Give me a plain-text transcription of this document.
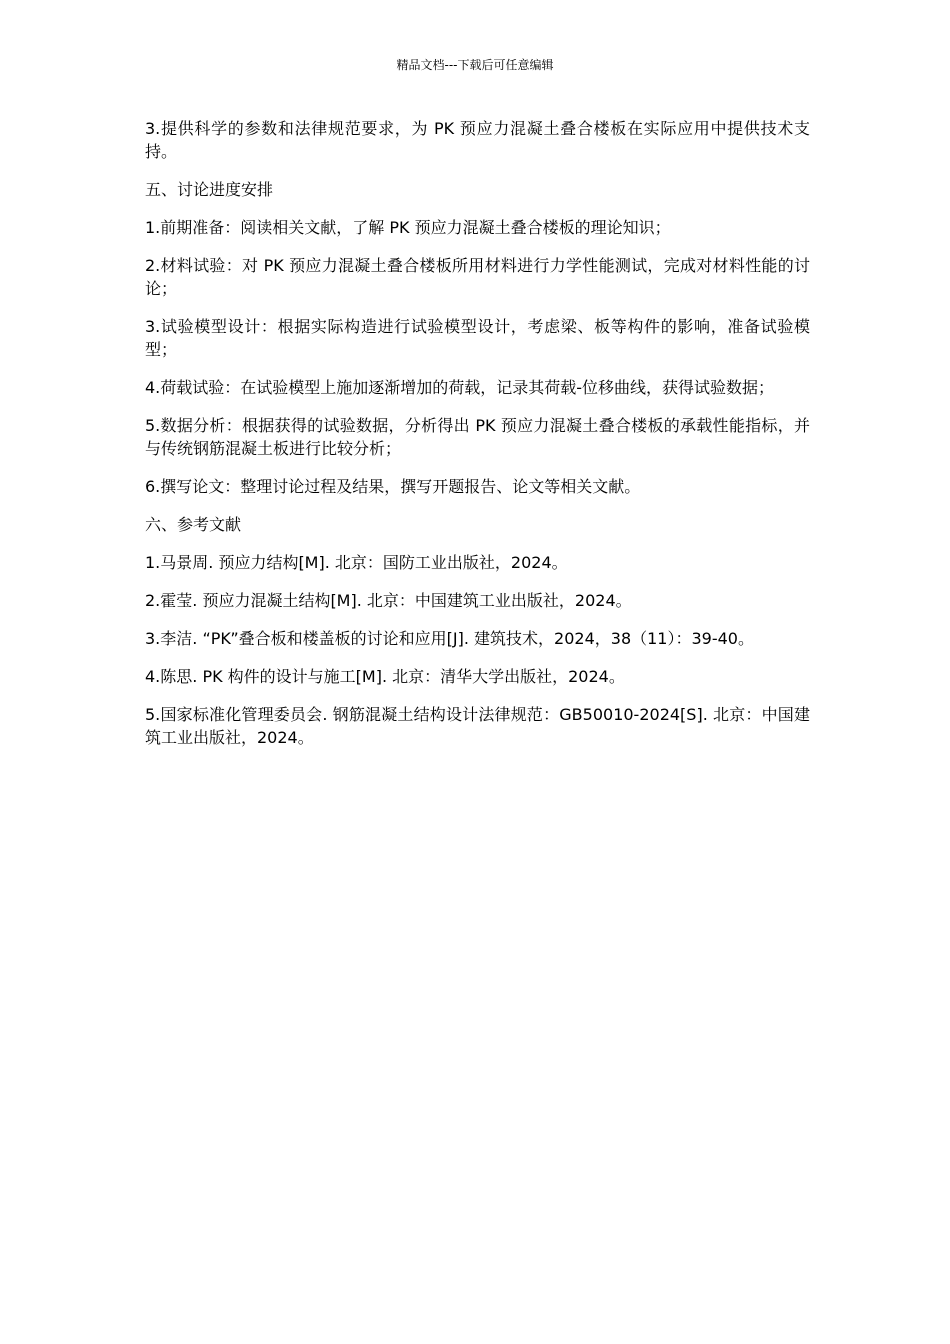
精品文档---下载后可任意编辑

3.提供科学的参数和法律规范要求，为 PK 预应力混凝土叠合楼板在实际应用中提供技术支持。

五、讨论进度安排

1.前期准备：阅读相关文献，了解 PK 预应力混凝土叠合楼板的理论知识；

2.材料试验：对 PK 预应力混凝土叠合楼板所用材料进行力学性能测试，完成对材料性能的讨论；

3.试验模型设计：根据实际构造进行试验模型设计，考虑梁、板等构件的影响，准备试验模型；

4.荷载试验：在试验模型上施加逐渐增加的荷载，记录其荷载-位移曲线，获得试验数据；

5.数据分析：根据获得的试验数据，分析得出 PK 预应力混凝土叠合楼板的承载性能指标，并与传统钢筋混凝土板进行比较分析；

6.撰写论文：整理讨论过程及结果，撰写开题报告、论文等相关文献。

六、参考文献

1.马景周. 预应力结构[M]. 北京：国防工业出版社，2024。

2.霍莹. 预应力混凝土结构[M]. 北京：中国建筑工业出版社，2024。

3.李洁. “PK”叠合板和楼盖板的讨论和应用[J]. 建筑技术，2024，38（11）：39-40。

4.陈思. PK 构件的设计与施工[M]. 北京：清华大学出版社，2024。

5.国家标准化管理委员会. 钢筋混凝土结构设计法律规范：GB50010-2024[S]. 北京：中国建筑工业出版社，2024。
